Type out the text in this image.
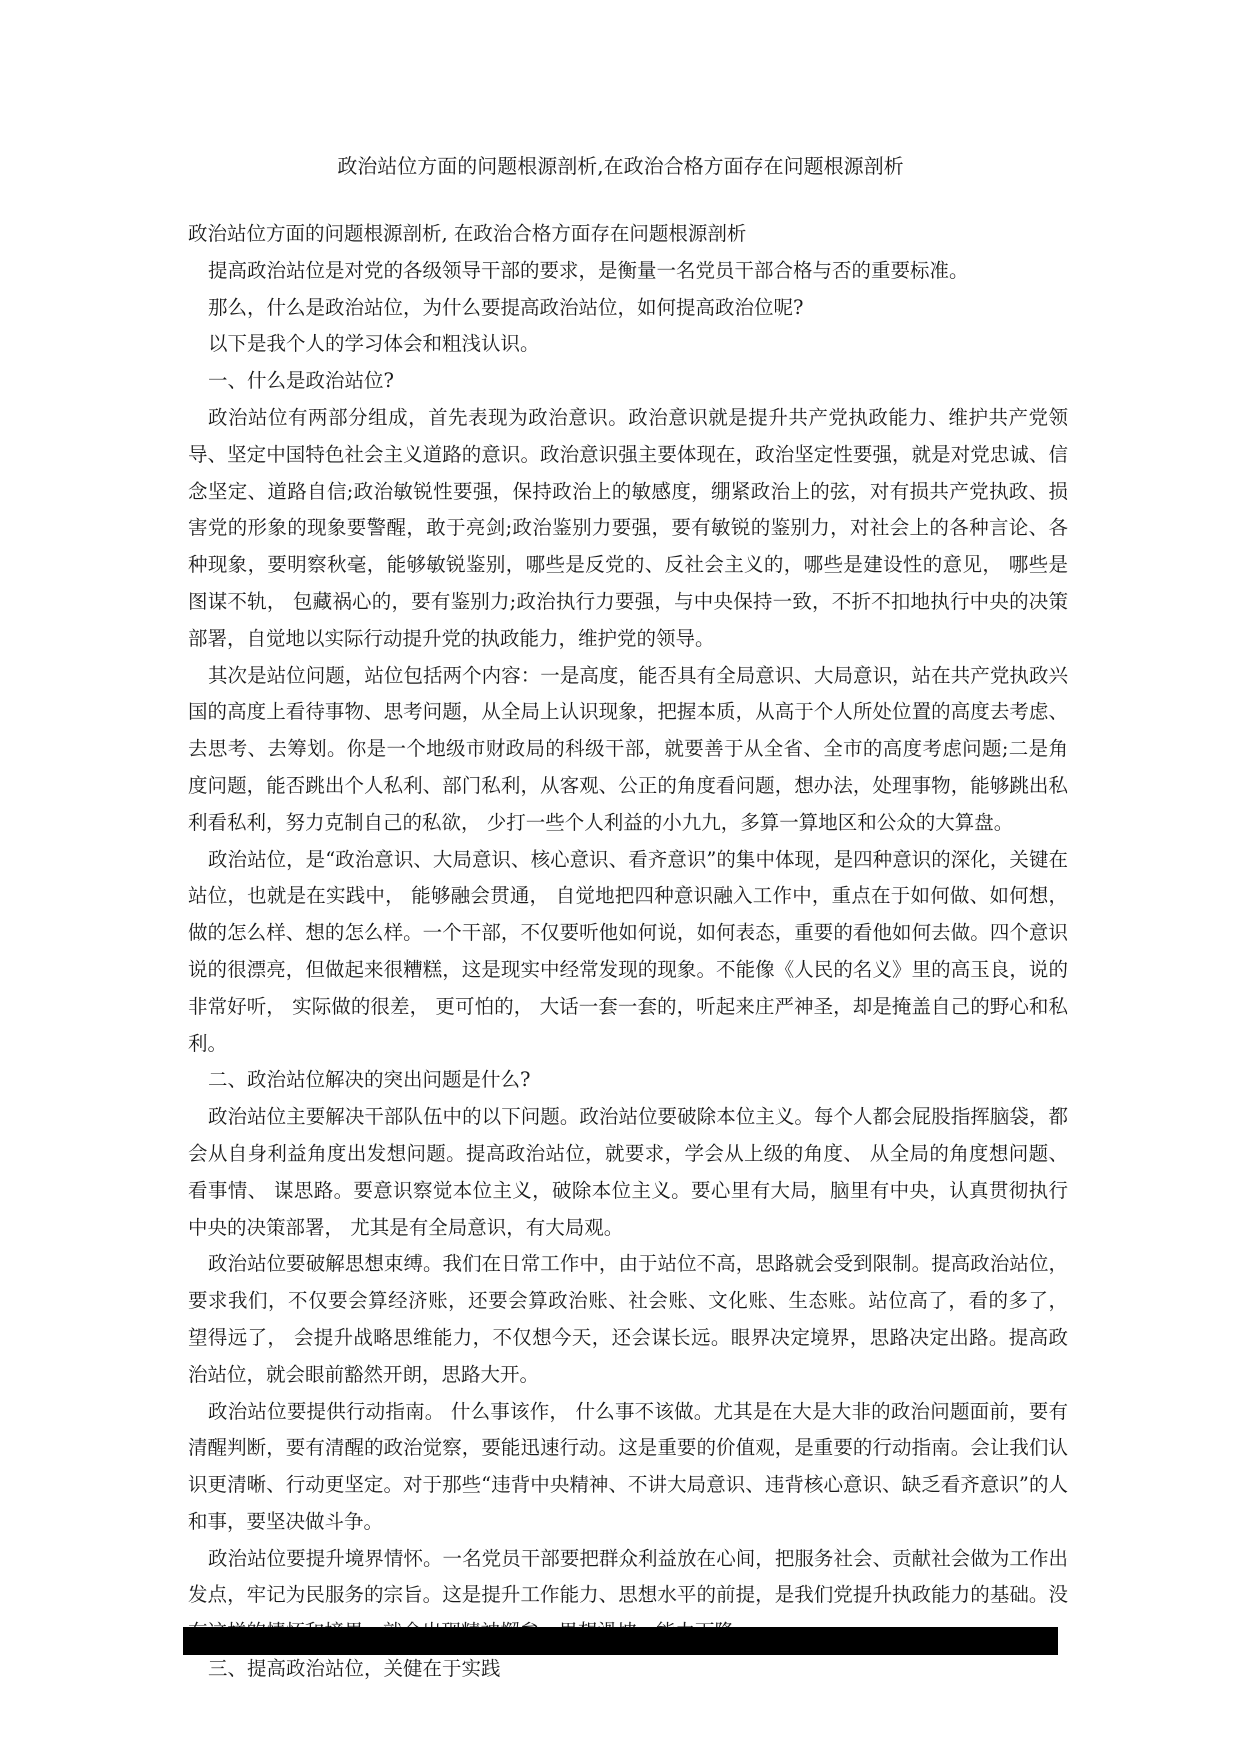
政治站位方面的问题根源剖析,在政治合格方面存在问题根源剖析

政治站位方面的问题根源剖析, 在政治合格方面存在问题根源剖析

提高政治站位是对党的各级领导干部的要求，是衡量一名党员干部合格与否的重要标准。

那么，什么是政治站位，为什么要提高政治站位，如何提高政治位呢?

以下是我个人的学习体会和粗浅认识。

一、什么是政治站位?

政治站位有两部分组成，首先表现为政治意识。政治意识就是提升共产党执政能力、维护共产党领导、坚定中国特色社会主义道路的意识。政治意识强主要体现在，政治坚定性要强，就是对党忠诚、信念坚定、道路自信;政治敏锐性要强，保持政治上的敏感度，绷紧政治上的弦，对有损共产党执政、损害党的形象的现象要警醒，敢于亮剑;政治鉴别力要强，要有敏锐的鉴别力，对社会上的各种言论、各种现象，要明察秋毫，能够敏锐鉴别，哪些是反党的、反社会主义的，哪些是建设性的意见， 哪些是图谋不轨， 包藏祸心的，要有鉴别力;政治执行力要强，与中央保持一致，不折不扣地执行中央的决策部署，自觉地以实际行动提升党的执政能力，维护党的领导。

其次是站位问题，站位包括两个内容：一是高度，能否具有全局意识、大局意识，站在共产党执政兴国的高度上看待事物、思考问题，从全局上认识现象，把握本质，从高于个人所处位置的高度去考虑、去思考、去筹划。你是一个地级市财政局的科级干部，就要善于从全省、全市的高度考虑问题;二是角度问题，能否跳出个人私利、部门私利，从客观、公正的角度看问题，想办法，处理事物，能够跳出私利看私利，努力克制自己的私欲， 少打一些个人利益的小九九，多算一算地区和公众的大算盘。

政治站位，是“政治意识、大局意识、核心意识、看齐意识”的集中体现，是四种意识的深化，关键在站位，也就是在实践中， 能够融会贯通， 自觉地把四种意识融入工作中，重点在于如何做、如何想，做的怎么样、想的怎么样。一个干部，不仅要听他如何说，如何表态，重要的看他如何去做。四个意识说的很漂亮，但做起来很糟糕，这是现实中经常发现的现象。不能像《人民的名义》里的高玉良，说的非常好听， 实际做的很差， 更可怕的， 大话一套一套的，听起来庄严神圣，却是掩盖自己的野心和私利。

二、政治站位解决的突出问题是什么?

政治站位主要解决干部队伍中的以下问题。政治站位要破除本位主义。每个人都会屁股指挥脑袋，都会从自身利益角度出发想问题。提高政治站位，就要求，学会从上级的角度、 从全局的角度想问题、 看事情、 谋思路。要意识察觉本位主义，破除本位主义。要心里有大局，脑里有中央，认真贯彻执行中央的决策部署， 尤其是有全局意识，有大局观。

政治站位要破解思想束缚。我们在日常工作中，由于站位不高，思路就会受到限制。提高政治站位，要求我们，不仅要会算经济账，还要会算政治账、社会账、文化账、生态账。站位高了，看的多了， 望得远了， 会提升战略思维能力，不仅想今天，还会谋长远。眼界决定境界，思路决定出路。提高政治站位，就会眼前豁然开朗，思路大开。

政治站位要提供行动指南。 什么事该作， 什么事不该做。尤其是在大是大非的政治问题面前，要有清醒判断，要有清醒的政治觉察，要能迅速行动。这是重要的价值观，是重要的行动指南。会让我们认识更清晰、行动更坚定。对于那些“违背中央精神、不讲大局意识、违背核心意识、缺乏看齐意识”的人和事，要坚决做斗争。

政治站位要提升境界情怀。一名党员干部要把群众利益放在心间，把服务社会、贡献社会做为工作出发点，牢记为民服务的宗旨。这是提升工作能力、思想水平的前提，是我们党提升执政能力的基础。没

三、提高政治站位，关健在于实践	第 1 页  /总页数  2  页
